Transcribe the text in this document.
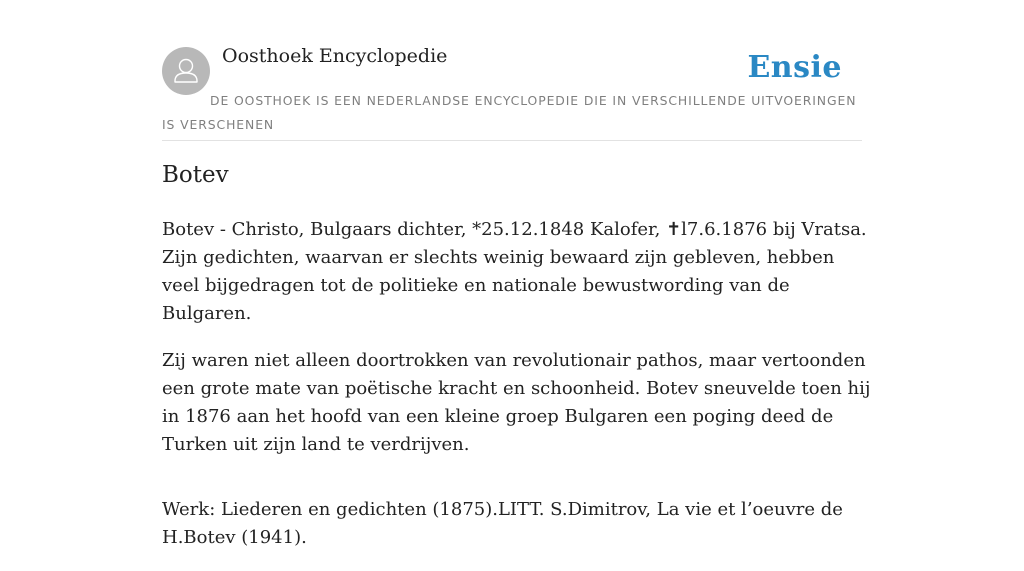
Oosthoek Encyclopedie	Ensie
DE OOSTHOEK IS EEN NEDERLANDSE ENCYCLOPEDIE DIE IN VERSCHILLENDE UITVOERINGEN IS VERSCHENEN
Botev

Botev - Christo, Bulgaars dichter, *25.12.1848 Kalofer, ✝l7.6.1876 bij Vratsa. Zijn gedichten, waarvan er slechts weinig bewaard zijn gebleven, hebben veel bijgedragen tot de politieke en nationale bewustwording van de Bulgaren.

Zij waren niet alleen doortrokken van revolutionair pathos, maar vertoonden een grote mate van poëtische kracht en schoonheid. Botev sneuvelde toen hij in 1876 aan het hoofd van een kleine groep Bulgaren een poging deed de Turken uit zijn land te verdrijven.

Werk: Liederen en gedichten (1875).LITT. S.Dimitrov, La vie et l’oeuvre de H.Botev (1941).
